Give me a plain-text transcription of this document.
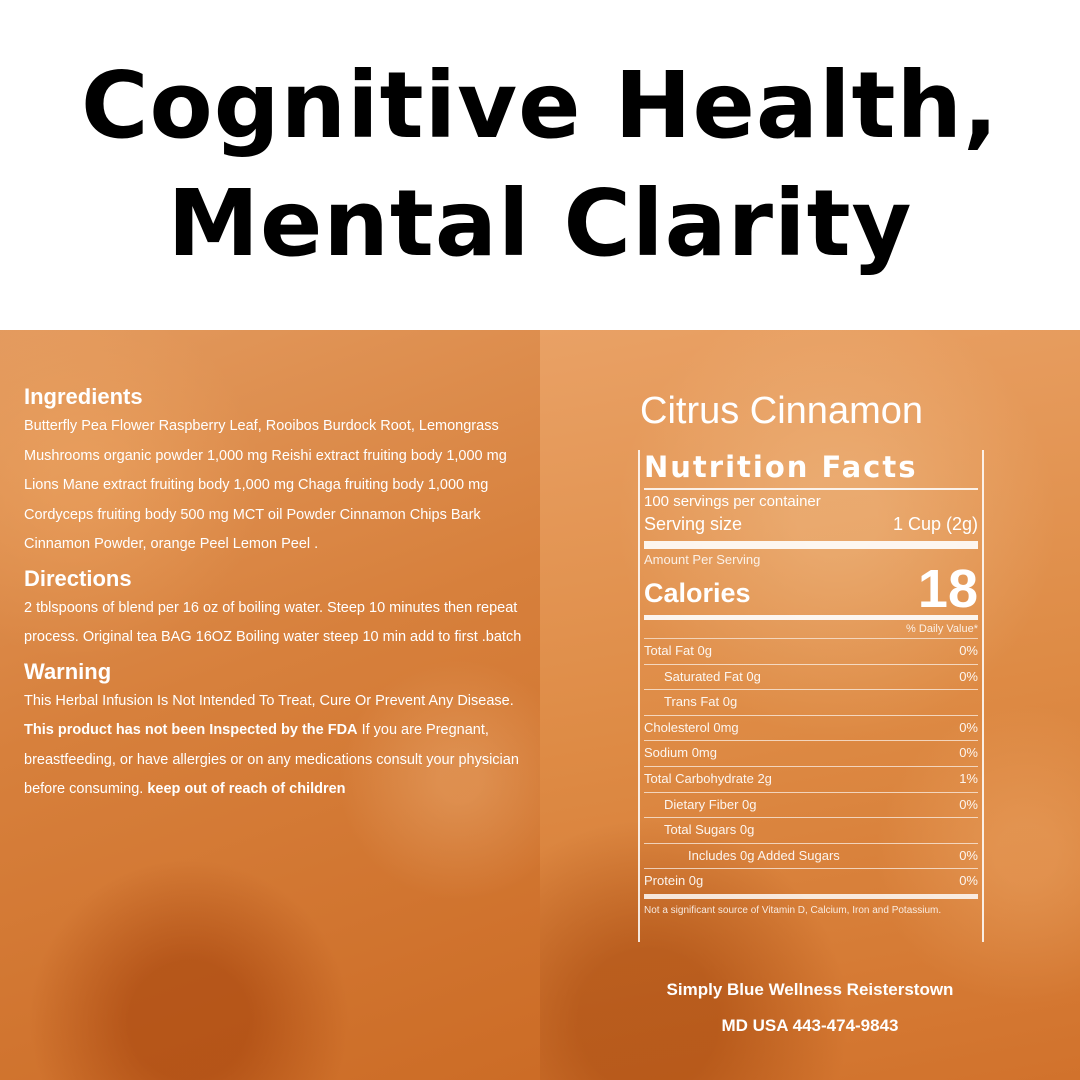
Cognitive Health,
Mental Clarity
Ingredients

Butterfly Pea Flower Raspberry Leaf, Rooibos Burdock Root, Lemongrass Mushrooms organic powder 1,000 mg Reishi extract fruiting body 1,000 mg Lions Mane extract fruiting body 1,000 mg Chaga fruiting body 1,000 mg Cordyceps fruiting body 500 mg MCT oil Powder Cinnamon Chips Bark Cinnamon Powder, orange Peel Lemon Peel .

Directions

2 tblspoons of blend per 16 oz of boiling water. Steep 10 minutes then repeat process. Original tea BAG 16OZ Boiling water steep 10 min add to first .batch

Warning

This Herbal Infusion Is Not Intended To Treat, Cure Or Prevent Any Disease. This product has not been Inspected by the FDA If you are Pregnant, breastfeeding, or have allergies or on any medications consult your physician before consuming. keep out of reach of children

Citrus Cinnamon
Nutrition Facts
100 servings per container
Serving size	1 Cup (2g)
Amount Per Serving
Calories	18
% Daily Value*
Total Fat 0g	0%
Saturated Fat 0g	0%
Trans Fat 0g
Cholesterol 0mg	0%
Sodium 0mg	0%
Total Carbohydrate 2g	1%
Dietary Fiber 0g	0%
Total Sugars 0g
Includes 0g Added Sugars	0%
Protein 0g	0%
Not a significant source of Vitamin D, Calcium, Iron and Potassium.
Simply Blue Wellness Reisterstown
MD USA 443-474-9843
